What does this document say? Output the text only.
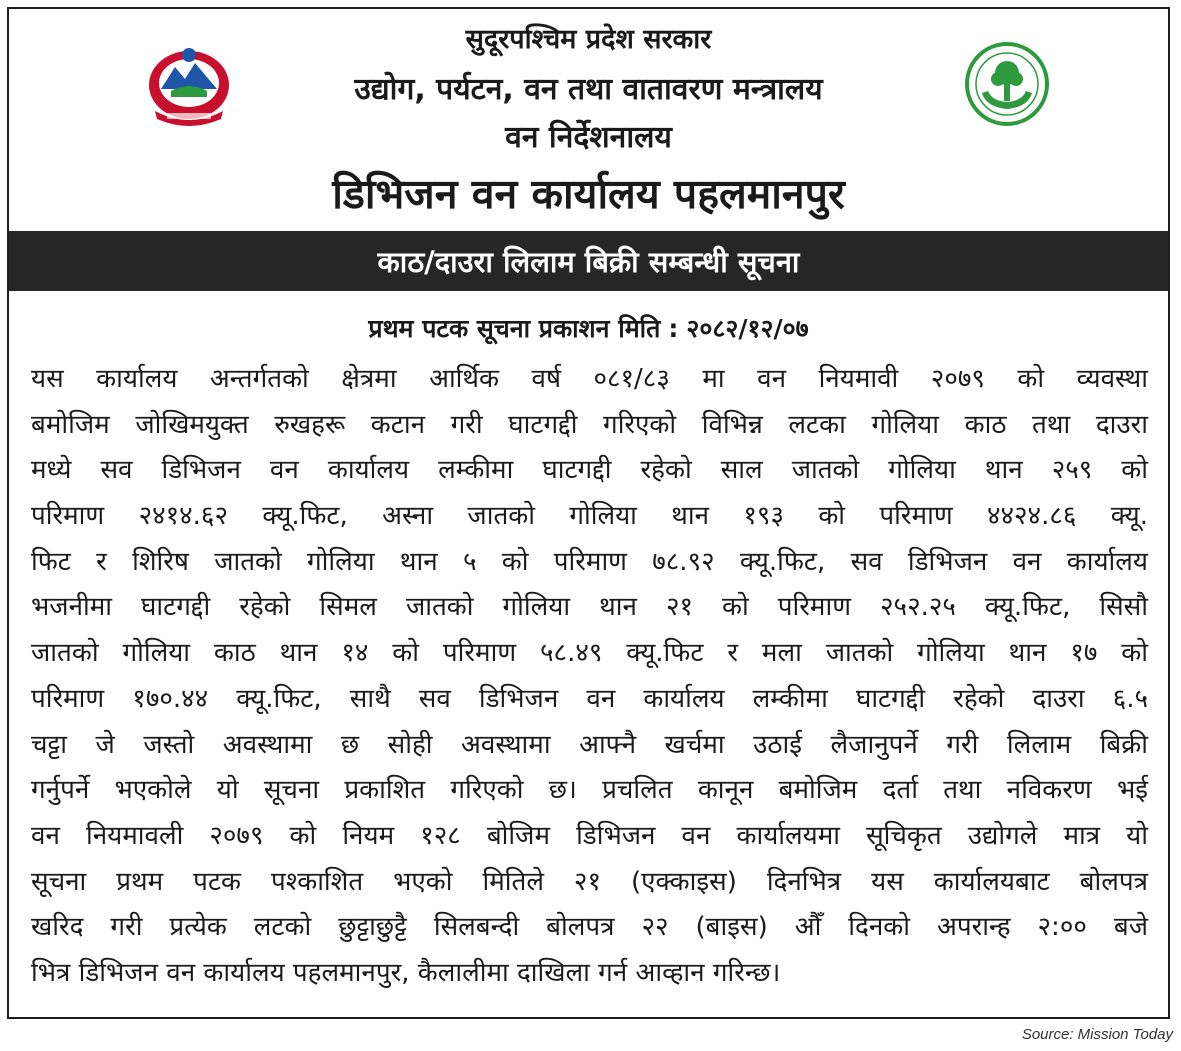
सुदूरपश्चिम प्रदेश सरकार
उद्योग, पर्यटन, वन तथा वातावरण मन्त्रालय
वन निर्देशनालय
डिभिजन वन कार्यालय पहलमानपुर
काठ/दाउरा लिलाम बिक्री सम्बन्धी सूचना
प्रथम पटक सूचना प्रकाशन मिति : २०८२/१२/०७
यस कार्यालय अन्तर्गतको क्षेत्रमा आर्थिक वर्ष ०८१/८३ मा वन नियमावी २०७९ को व्यवस्था
बमोजिम जोखिमयुक्त रुखहरू कटान गरी घाटगद्दी गरिएको विभिन्न लटका गोलिया काठ तथा दाउरा
मध्ये सव डिभिजन वन कार्यालय लम्कीमा घाटगद्दी रहेको साल जातको गोलिया थान २५९ को
परिमाण २४१४.६२ क्यू.फिट, अस्ना जातको गोलिया थान १९३ को परिमाण ४४२४.८६ क्यू.
फिट र शिरिष जातको गोलिया थान ५ को परिमाण ७८.९२ क्यू.फिट, सव डिभिजन वन कार्यालय
भजनीमा घाटगद्दी रहेको सिमल जातको गोलिया थान २१ को परिमाण २५२.२५ क्यू.फिट, सिसौ
जातको गोलिया काठ थान १४ को परिमाण ५८.४९ क्यू.फिट र मला जातको गोलिया थान १७ को
परिमाण १७०.४४ क्यू.फिट, साथै सव डिभिजन वन कार्यालय लम्कीमा घाटगद्दी रहेको दाउरा ६.५
चट्टा जे जस्तो अवस्थामा छ सोही अवस्थामा आफ्नै खर्चमा उठाई लैजानुपर्ने गरी लिलाम बिक्री
गर्नुपर्ने भएकोले यो सूचना प्रकाशित गरिएको छ। प्रचलित कानून बमोजिम दर्ता तथा नविकरण भई
वन नियमावली २०७९ को नियम १२८ बोजिम डिभिजन वन कार्यालयमा सूचिकृत उद्योगले मात्र यो
सूचना प्रथम पटक पश्काशित भएको मितिले २१ (एक्काइस) दिनभित्र यस कार्यालयबाट बोलपत्र
खरिद गरी प्रत्येक लटको छुट्टाछुट्टै सिलबन्दी बोलपत्र २२ (बाइस) औँ दिनको अपरान्ह २:०० बजे
भित्र डिभिजन वन कार्यालय पहलमानपुर, कैलालीमा दाखिला गर्न आव्हान गरिन्छ।
Source: Mission Today
